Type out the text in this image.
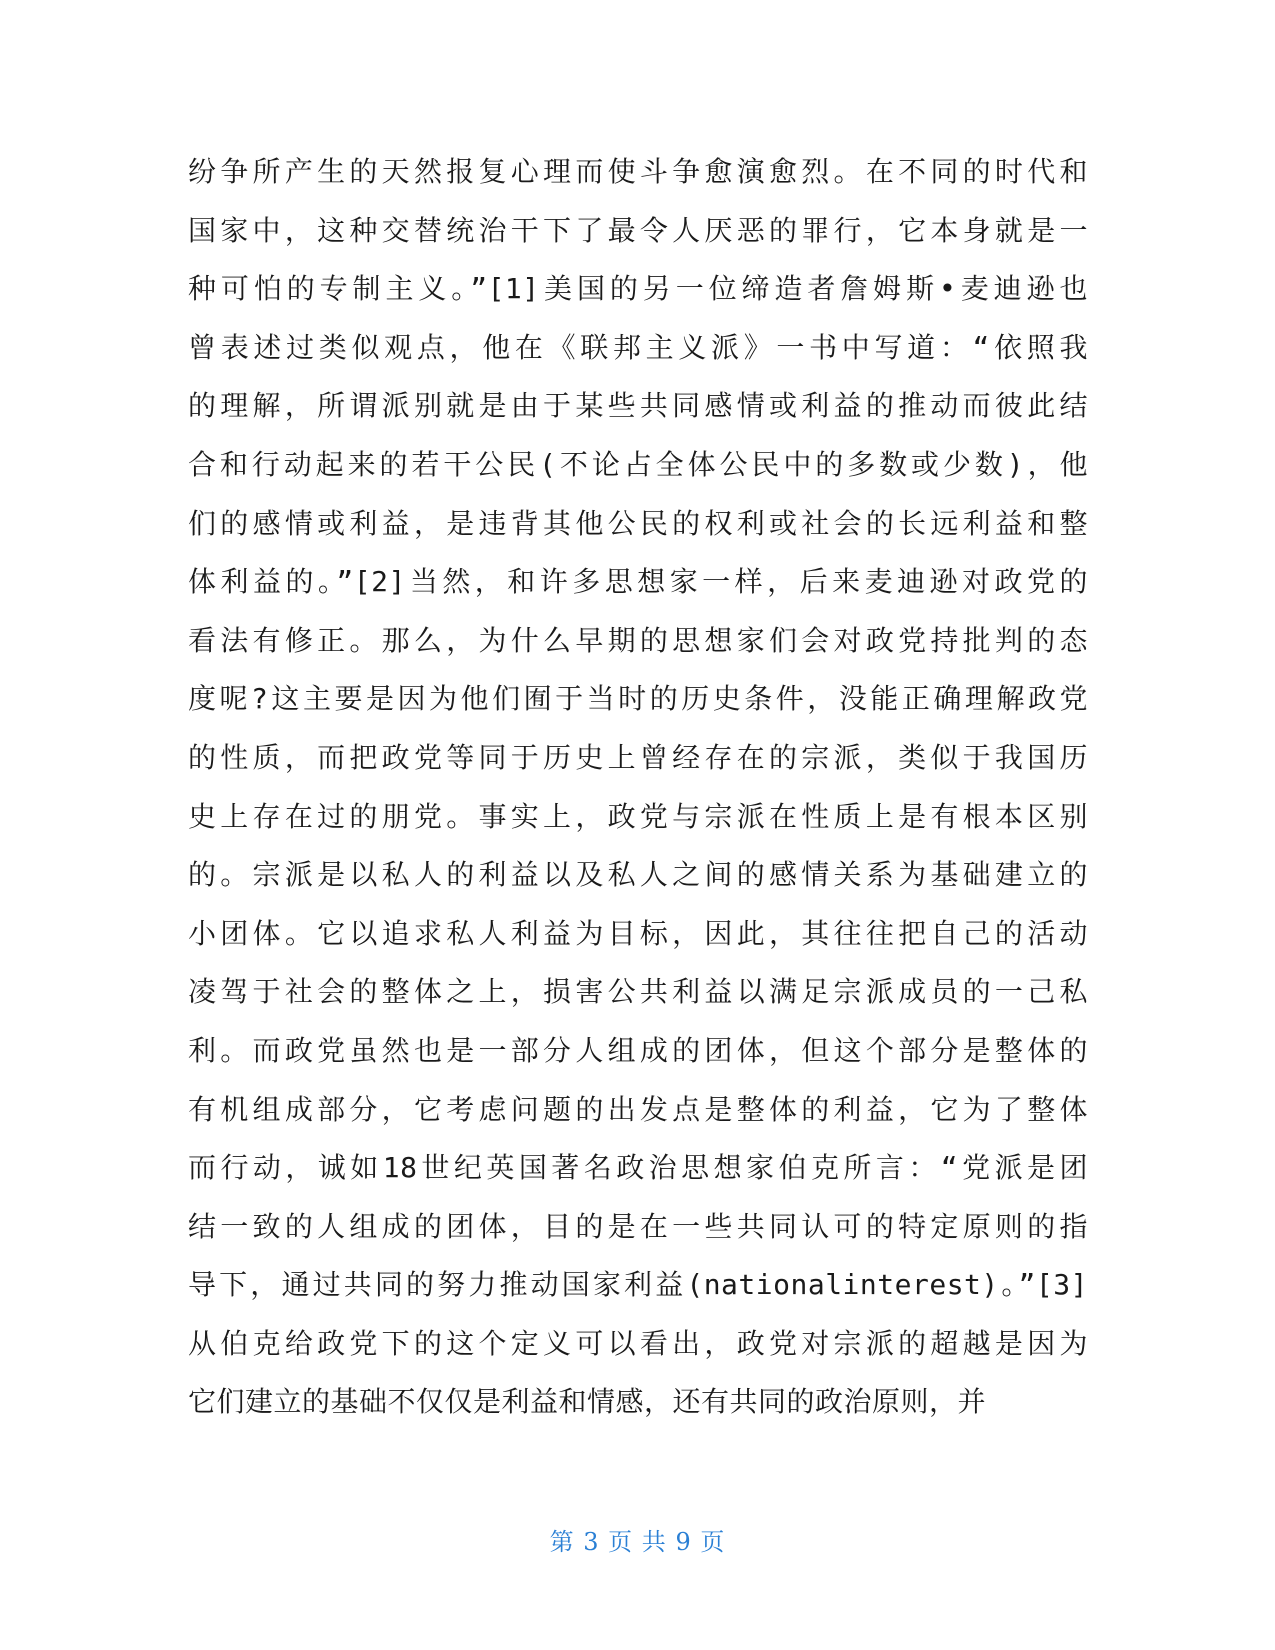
纷争所产生的天然报复心理而使斗争愈演愈烈。在不同的时代和
国家中，这种交替统治干下了最令人厌恶的罪行，它本身就是一
种可怕的专制主义。”[1]美国的另一位缔造者詹姆斯•麦迪逊也
曾表述过类似观点，他在《联邦主义派》一书中写道：“依照我
的理解，所谓派别就是由于某些共同感情或利益的推动而彼此结
合和行动起来的若干公民(不论占全体公民中的多数或少数)，他
们的感情或利益，是违背其他公民的权利或社会的长远利益和整
体利益的。”[2]当然，和许多思想家一样，后来麦迪逊对政党的
看法有修正。那么，为什么早期的思想家们会对政党持批判的态
度呢?这主要是因为他们囿于当时的历史条件，没能正确理解政党
的性质，而把政党等同于历史上曾经存在的宗派，类似于我国历
史上存在过的朋党。事实上，政党与宗派在性质上是有根本区别
的。宗派是以私人的利益以及私人之间的感情关系为基础建立的
小团体。它以追求私人利益为目标，因此，其往往把自己的活动
凌驾于社会的整体之上，损害公共利益以满足宗派成员的一己私
利。而政党虽然也是一部分人组成的团体，但这个部分是整体的
有机组成部分，它考虑问题的出发点是整体的利益，它为了整体
而行动，诚如18世纪英国著名政治思想家伯克所言：“党派是团
结一致的人组成的团体，目的是在一些共同认可的特定原则的指
导下，通过共同的努力推动国家利益(nationalinterest)。”[3]
从伯克给政党下的这个定义可以看出，政党对宗派的超越是因为
它们建立的基础不仅仅是利益和情感，还有共同的政治原则，并
第 3 页 共 9 页
